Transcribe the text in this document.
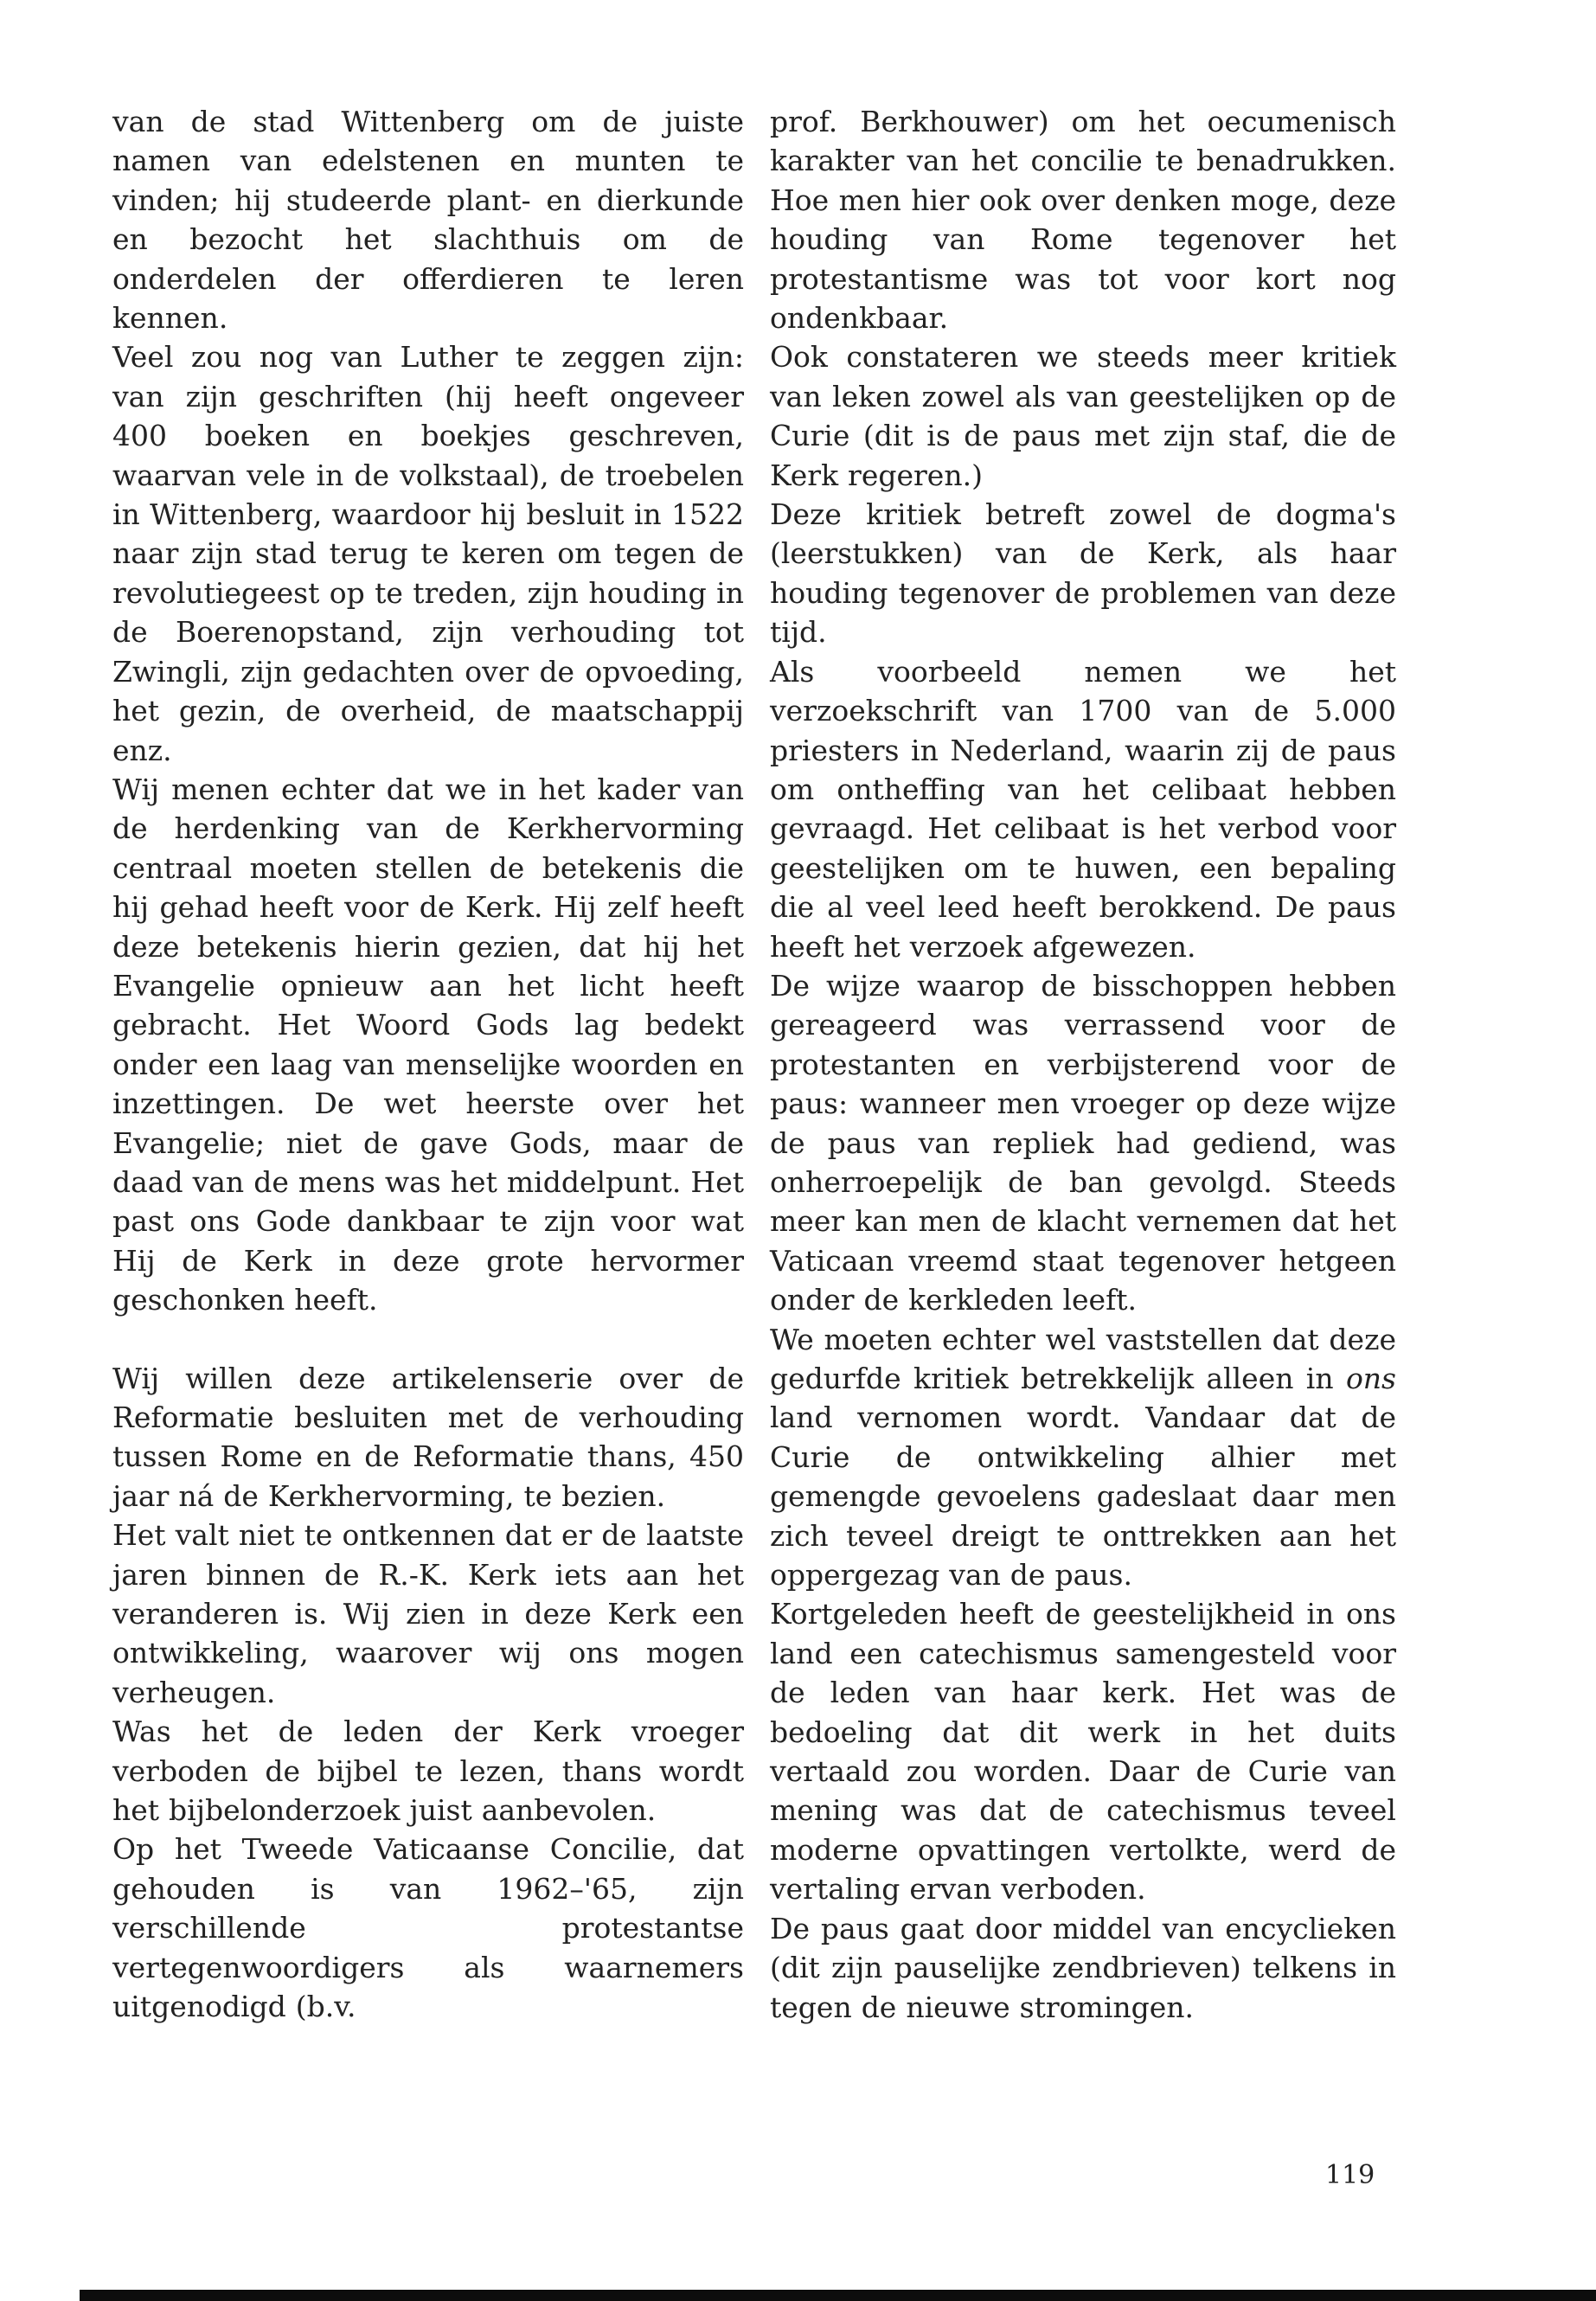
van de stad Wittenberg om de juiste namen van edelstenen en munten te vinden; hij studeerde plant- en dierkunde en bezocht het slachthuis om de onderdelen der offerdieren te leren kennen.

Veel zou nog van Luther te zeggen zijn: van zijn geschriften (hij heeft ongeveer 400 boeken en boekjes geschreven, waarvan vele in de volkstaal), de troebelen in Wittenberg, waardoor hij besluit in 1522 naar zijn stad terug te keren om tegen de revolutiegeest op te treden, zijn houding in de Boerenopstand, zijn verhouding tot Zwingli, zijn gedachten over de opvoeding, het gezin, de overheid, de maatschappij enz.

Wij menen echter dat we in het kader van de herdenking van de Kerkhervorming centraal moeten stellen de betekenis die hij gehad heeft voor de Kerk. Hij zelf heeft deze betekenis hierin gezien, dat hij het Evangelie opnieuw aan het licht heeft gebracht. Het Woord Gods lag bedekt onder een laag van menselijke woorden en inzettingen. De wet heerste over het Evangelie; niet de gave Gods, maar de daad van de mens was het middelpunt. Het past ons Gode dankbaar te zijn voor wat Hij de Kerk in deze grote hervormer geschonken heeft.

Wij willen deze artikelenserie over de Reformatie besluiten met de verhouding tussen Rome en de Reformatie thans, 450 jaar ná de Kerkhervorming, te bezien.

Het valt niet te ontkennen dat er de laatste jaren binnen de R.-K. Kerk iets aan het veranderen is. Wij zien in deze Kerk een ontwikkeling, waarover wij ons mogen verheugen.

Was het de leden der Kerk vroeger verboden de bijbel te lezen, thans wordt het bijbelonderzoek juist aanbevolen.

Op het Tweede Vaticaanse Concilie, dat gehouden is van 1962–'65, zijn verschillende protestantse vertegenwoordigers als waarnemers uitgenodigd (b.v.

prof. Berkhouwer) om het oecumenisch karakter van het concilie te benadrukken. Hoe men hier ook over denken moge, deze houding van Rome tegenover het protestantisme was tot voor kort nog ondenkbaar.

Ook constateren we steeds meer kritiek van leken zowel als van geestelijken op de Curie (dit is de paus met zijn staf, die de Kerk regeren.)

Deze kritiek betreft zowel de dogma's (leerstukken) van de Kerk, als haar houding tegenover de problemen van deze tijd.

Als voorbeeld nemen we het verzoekschrift van 1700 van de 5.000 priesters in Nederland, waarin zij de paus om ontheffing van het celibaat hebben gevraagd. Het celibaat is het verbod voor geestelijken om te huwen, een bepaling die al veel leed heeft berokkend. De paus heeft het verzoek afgewezen.

De wijze waarop de bisschoppen hebben gereageerd was verrassend voor de protestanten en verbijsterend voor de paus: wanneer men vroeger op deze wijze de paus van repliek had gediend, was onherroepelijk de ban gevolgd. Steeds meer kan men de klacht vernemen dat het Vaticaan vreemd staat tegenover hetgeen onder de kerkleden leeft.

We moeten echter wel vaststellen dat deze gedurfde kritiek betrekkelijk alleen in ons land vernomen wordt. Vandaar dat de Curie de ontwikkeling alhier met gemengde gevoelens gadeslaat daar men zich teveel dreigt te onttrekken aan het oppergezag van de paus.

Kortgeleden heeft de geestelijkheid in ons land een catechismus samengesteld voor de leden van haar kerk. Het was de bedoeling dat dit werk in het duits vertaald zou worden. Daar de Curie van mening was dat de catechismus teveel moderne opvattingen vertolkte, werd de vertaling ervan verboden.

De paus gaat door middel van encyclieken (dit zijn pauselijke zendbrieven) telkens in tegen de nieuwe stromingen.

119
